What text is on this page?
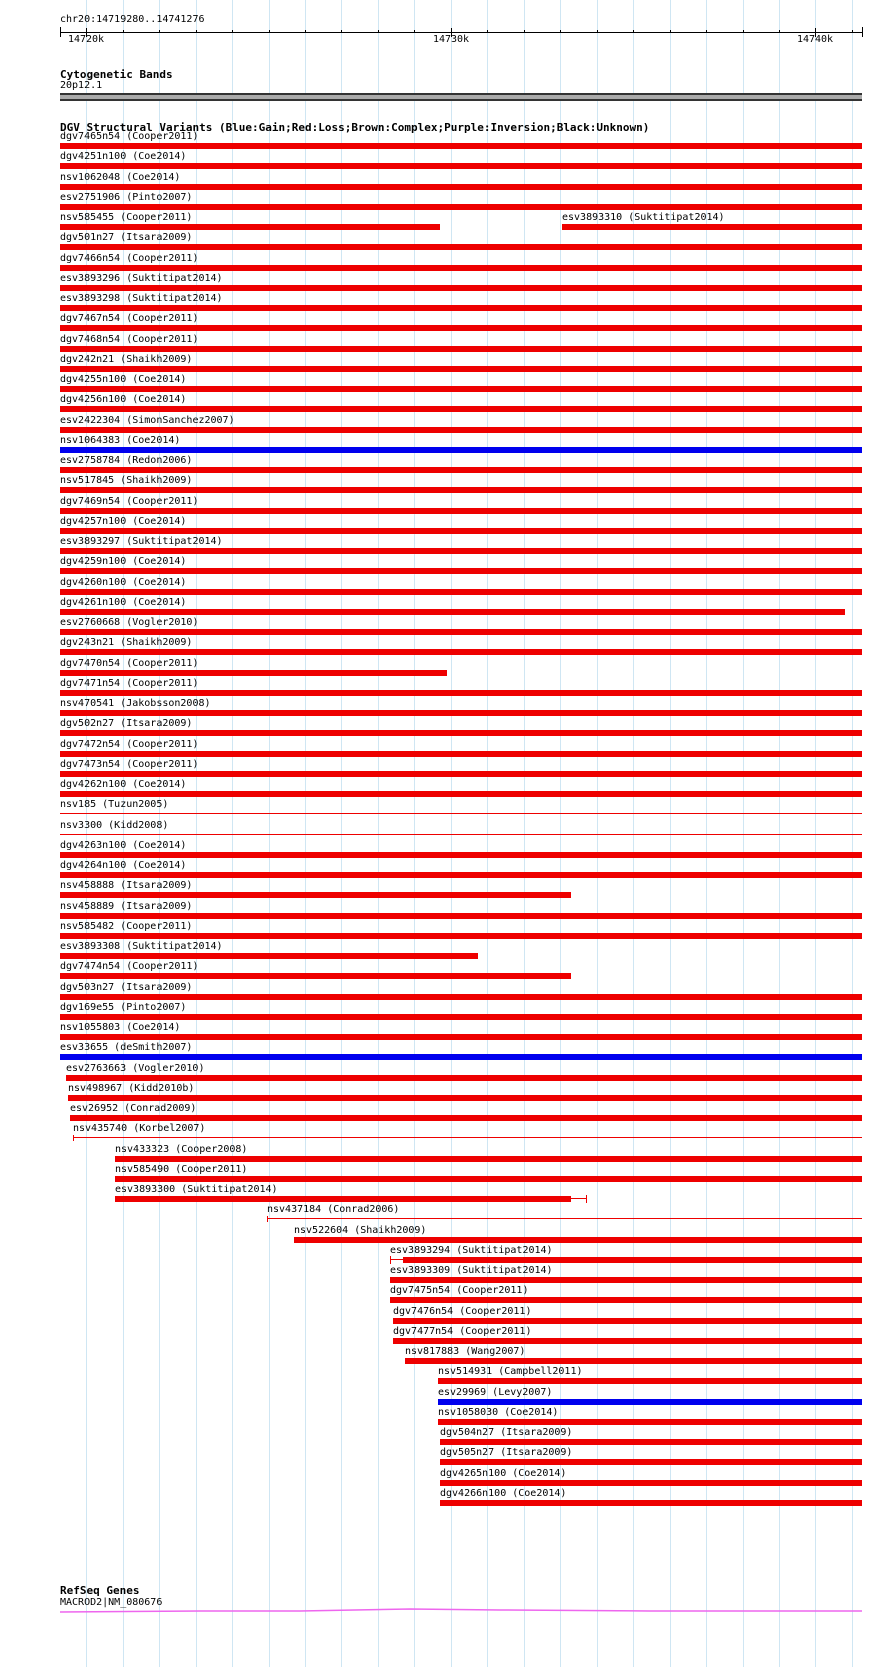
chr20:14719280..14741276
14720k	14730k	14740k
Cytogenetic Bands
20p12.1
DGV Structural Variants (Blue:Gain;Red:Loss;Brown:Complex;Purple:Inversion;Black:Unknown)
dgv7465n54 (Cooper2011)
dgv4251n100 (Coe2014)
nsv1062048 (Coe2014)
esv2751906 (Pinto2007)
nsv585455 (Cooper2011)	esv3893310 (Suktitipat2014)
dgv501n27 (Itsara2009)
dgv7466n54 (Cooper2011)
esv3893296 (Suktitipat2014)
esv3893298 (Suktitipat2014)
dgv7467n54 (Cooper2011)
dgv7468n54 (Cooper2011)
dgv242n21 (Shaikh2009)
dgv4255n100 (Coe2014)
dgv4256n100 (Coe2014)
esv2422304 (SimonSanchez2007)
nsv1064383 (Coe2014)
esv2758784 (Redon2006)
nsv517845 (Shaikh2009)
dgv7469n54 (Cooper2011)
dgv4257n100 (Coe2014)
esv3893297 (Suktitipat2014)
dgv4259n100 (Coe2014)
dgv4260n100 (Coe2014)
dgv4261n100 (Coe2014)
esv2760668 (Vogler2010)
dgv243n21 (Shaikh2009)
dgv7470n54 (Cooper2011)
dgv7471n54 (Cooper2011)
nsv470541 (Jakobsson2008)
dgv502n27 (Itsara2009)
dgv7472n54 (Cooper2011)
dgv7473n54 (Cooper2011)
dgv4262n100 (Coe2014)
nsv185 (Tuzun2005)
nsv3300 (Kidd2008)
dgv4263n100 (Coe2014)
dgv4264n100 (Coe2014)
nsv458888 (Itsara2009)
nsv458889 (Itsara2009)
nsv585482 (Cooper2011)
esv3893308 (Suktitipat2014)
dgv7474n54 (Cooper2011)
dgv503n27 (Itsara2009)
dgv169e55 (Pinto2007)
nsv1055803 (Coe2014)
esv33655 (deSmith2007)
esv2763663 (Vogler2010)
nsv498967 (Kidd2010b)
esv26952 (Conrad2009)
nsv435740 (Korbel2007)
nsv433323 (Cooper2008)
nsv585490 (Cooper2011)
esv3893300 (Suktitipat2014)
nsv437184 (Conrad2006)
nsv522604 (Shaikh2009)
esv3893294 (Suktitipat2014)
esv3893309 (Suktitipat2014)
dgv7475n54 (Cooper2011)
dgv7476n54 (Cooper2011)
dgv7477n54 (Cooper2011)
nsv817883 (Wang2007)
nsv514931 (Campbell2011)
esv29969 (Levy2007)
nsv1058030 (Coe2014)
dgv504n27 (Itsara2009)
dgv505n27 (Itsara2009)
dgv4265n100 (Coe2014)
dgv4266n100 (Coe2014)
RefSeq Genes
MACROD2|NM_080676
